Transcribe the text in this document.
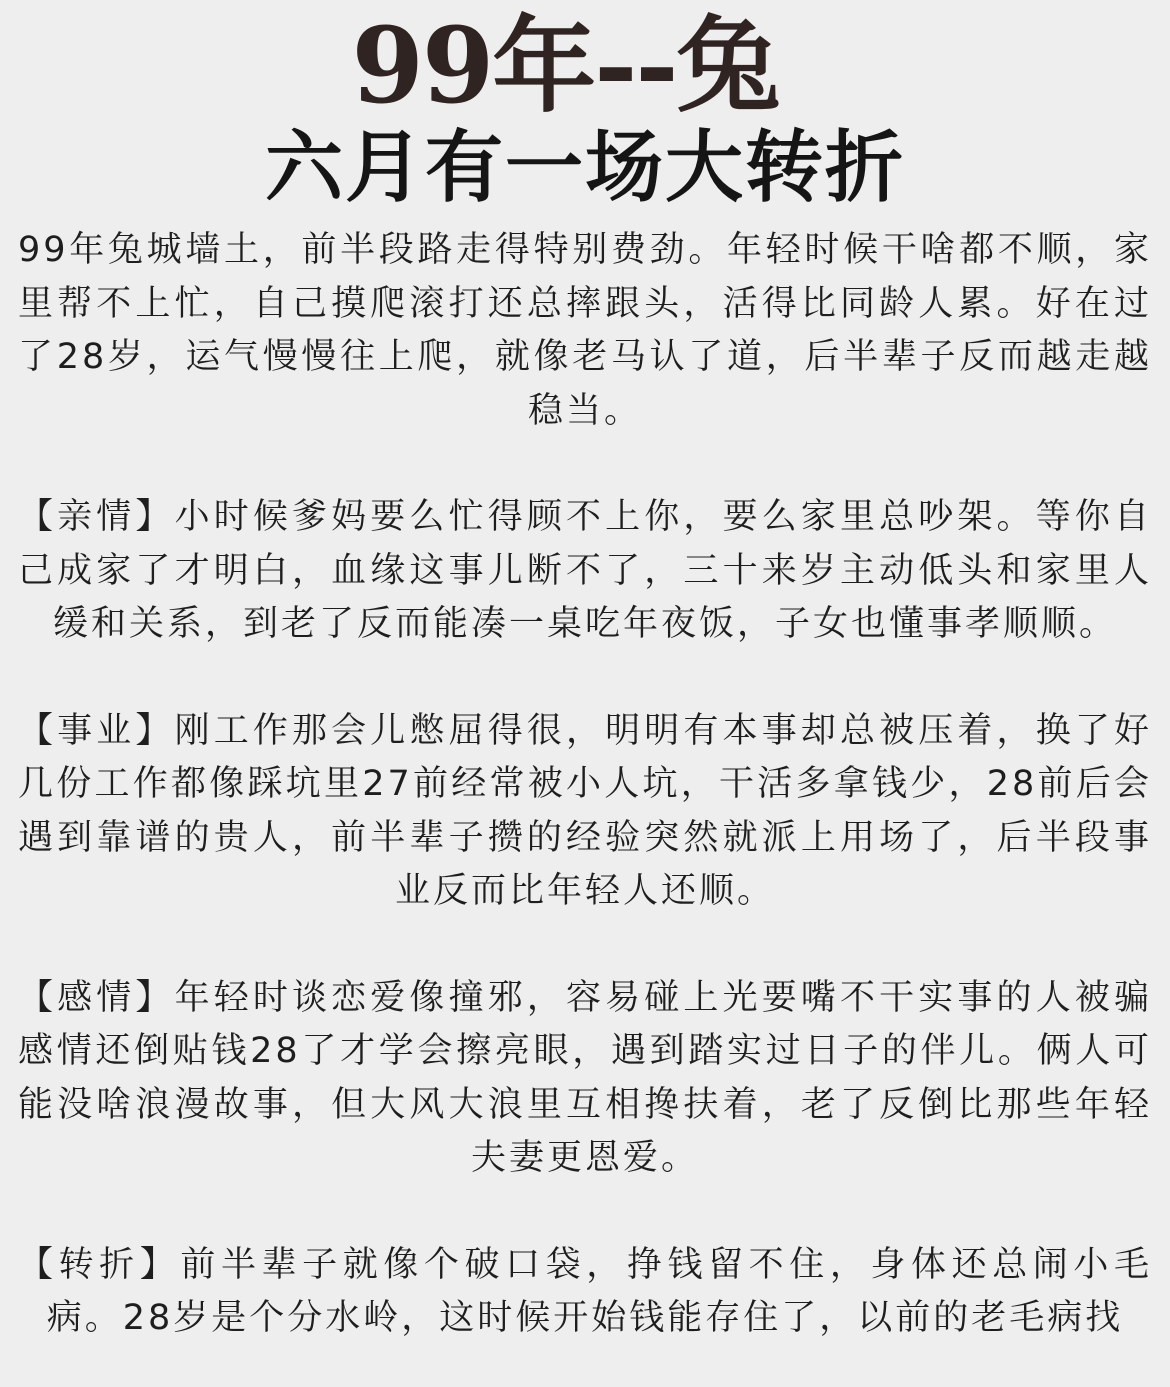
99年--兔
六月有一场大转折

99年兔城墙土，前半段路走得特别费劲。年轻时候干啥都不顺，家里帮不上忙，自己摸爬滚打还总摔跟头，活得比同龄人累。好在过了28岁，运气慢慢往上爬，就像老马认了道，后半辈子反而越走越稳当。

【亲情】小时候爹妈要么忙得顾不上你，要么家里总吵架。等你自己成家了才明白，血缘这事儿断不了，三十来岁主动低头和家里人缓和关系，到老了反而能凑一桌吃年夜饭，子女也懂事孝顺顺。

【事业】刚工作那会儿憋屈得很，明明有本事却总被压着，换了好几份工作都像踩坑里27前经常被小人坑，干活多拿钱少，28前后会遇到靠谱的贵人，前半辈子攒的经验突然就派上用场了，后半段事业反而比年轻人还顺。

【感情】年轻时谈恋爱像撞邪，容易碰上光要嘴不干实事的人被骗感情还倒贴钱28了才学会擦亮眼，遇到踏实过日子的伴儿。俩人可能没啥浪漫故事，但大风大浪里互相搀扶着，老了反倒比那些年轻夫妻更恩爱。

【转折】前半辈子就像个破口袋，挣钱留不住，身体还总闹小毛病。28岁是个分水岭，这时候开始钱能存住了，以前的老毛病找
